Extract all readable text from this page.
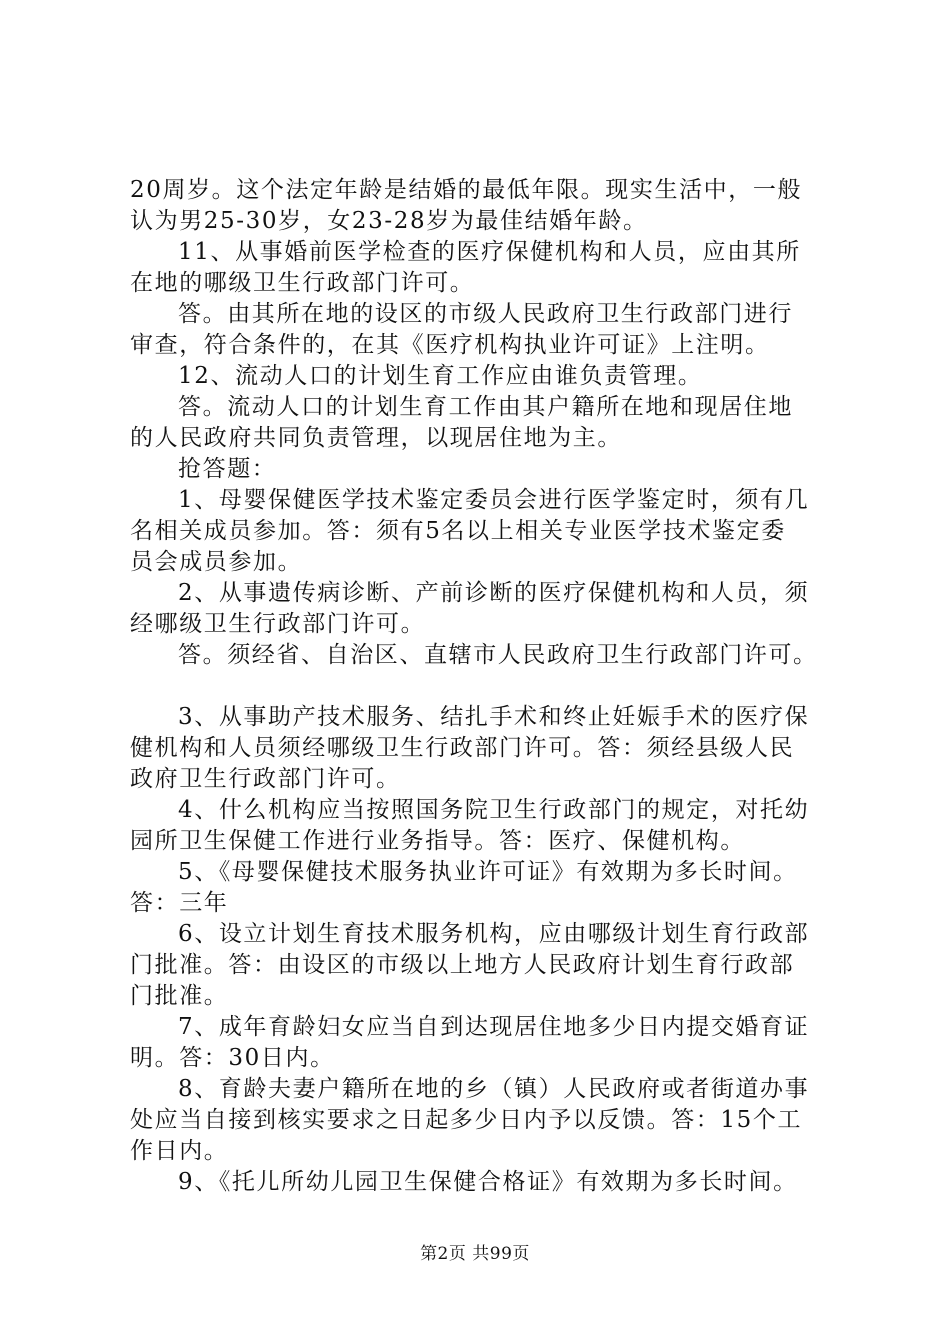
20周岁。这个法定年龄是结婚的最低年限。现实生活中，一般
认为男25-30岁，女23-28岁为最佳结婚年龄。
11、从事婚前医学检查的医疗保健机构和人员，应由其所
在地的哪级卫生行政部门许可。
答。由其所在地的设区的市级人民政府卫生行政部门进行
审查，符合条件的，在其《医疗机构执业许可证》上注明。
12、流动人口的计划生育工作应由谁负责管理。
答。流动人口的计划生育工作由其户籍所在地和现居住地
的人民政府共同负责管理，以现居住地为主。
抢答题：
1、母婴保健医学技术鉴定委员会进行医学鉴定时，须有几
名相关成员参加。答：须有5名以上相关专业医学技术鉴定委
员会成员参加。
2、从事遗传病诊断、产前诊断的医疗保健机构和人员，须
经哪级卫生行政部门许可。
答。须经省、自治区、直辖市人民政府卫生行政部门许可。
3、从事助产技术服务、结扎手术和终止妊娠手术的医疗保
健机构和人员须经哪级卫生行政部门许可。答：须经县级人民
政府卫生行政部门许可。
4、什么机构应当按照国务院卫生行政部门的规定，对托幼
园所卫生保健工作进行业务指导。答：医疗、保健机构。
5、《母婴保健技术服务执业许可证》有效期为多长时间。
答：三年
6、设立计划生育技术服务机构，应由哪级计划生育行政部
门批准。答：由设区的市级以上地方人民政府计划生育行政部
门批准。
7、成年育龄妇女应当自到达现居住地多少日内提交婚育证
明。答：30日内。
8、育龄夫妻户籍所在地的乡（镇）人民政府或者街道办事
处应当自接到核实要求之日起多少日内予以反馈。答：15个工
作日内。
9、《托儿所幼儿园卫生保健合格证》有效期为多长时间。
第2页 共99页
